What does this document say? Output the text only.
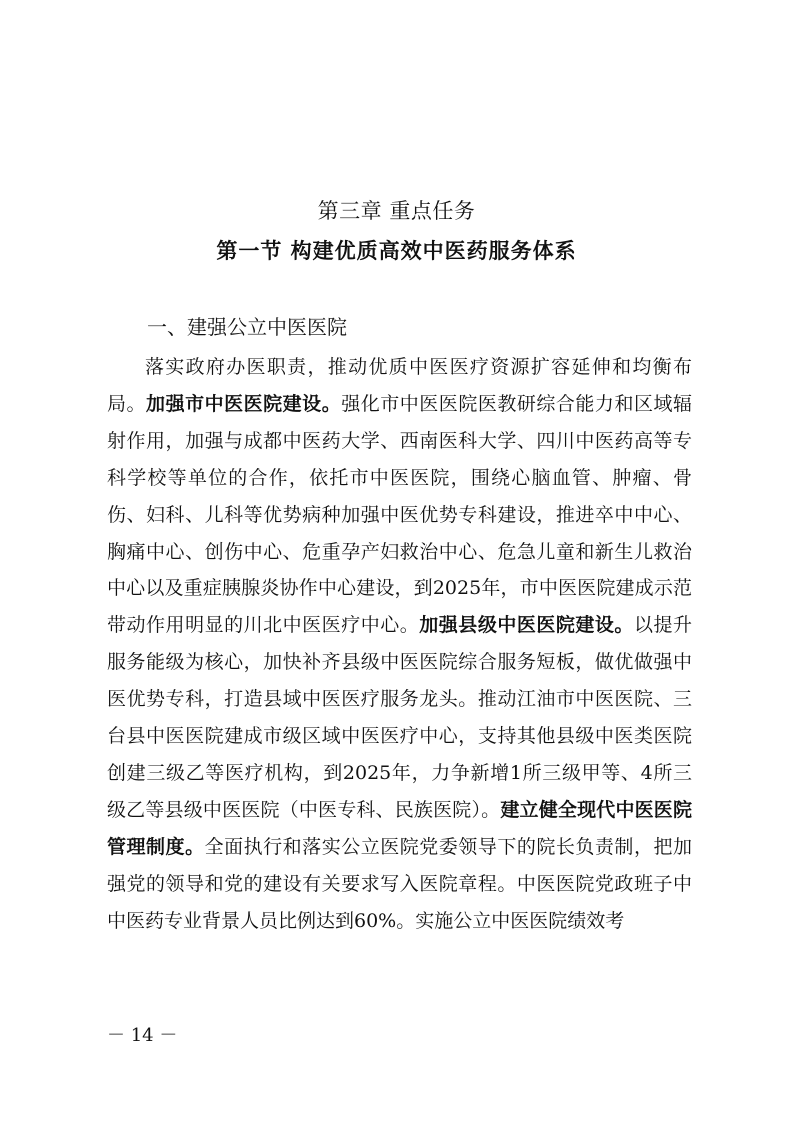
第三章 重点任务
第一节 构建优质高效中医药服务体系
一、建强公立中医医院

落实政府办医职责，推动优质中医医疗资源扩容延伸和均衡布局。加强市中医医院建设。强化市中医医院医教研综合能力和区域辐射作用，加强与成都中医药大学、西南医科大学、四川中医药高等专科学校等单位的合作，依托市中医医院，围绕心脑血管、肿瘤、骨伤、妇科、儿科等优势病种加强中医优势专科建设，推进卒中中心、胸痛中心、创伤中心、危重孕产妇救治中心、危急儿童和新生儿救治中心以及重症胰腺炎协作中心建设，到2025年，市中医医院建成示范带动作用明显的川北中医医疗中心。加强县级中医医院建设。以提升服务能级为核心，加快补齐县级中医医院综合服务短板，做优做强中医优势专科，打造县域中医医疗服务龙头。推动江油市中医医院、三台县中医医院建成市级区域中医医疗中心，支持其他县级中医类医院创建三级乙等医疗机构，到2025年，力争新增1所三级甲等、4所三级乙等县级中医医院（中医专科、民族医院）。建立健全现代中医医院管理制度。全面执行和落实公立医院党委领导下的院长负责制，把加强党的领导和党的建设有关要求写入医院章程。中医医院党政班子中中医药专业背景人员比例达到60%。实施公立中医医院绩效考

－ 14 －
